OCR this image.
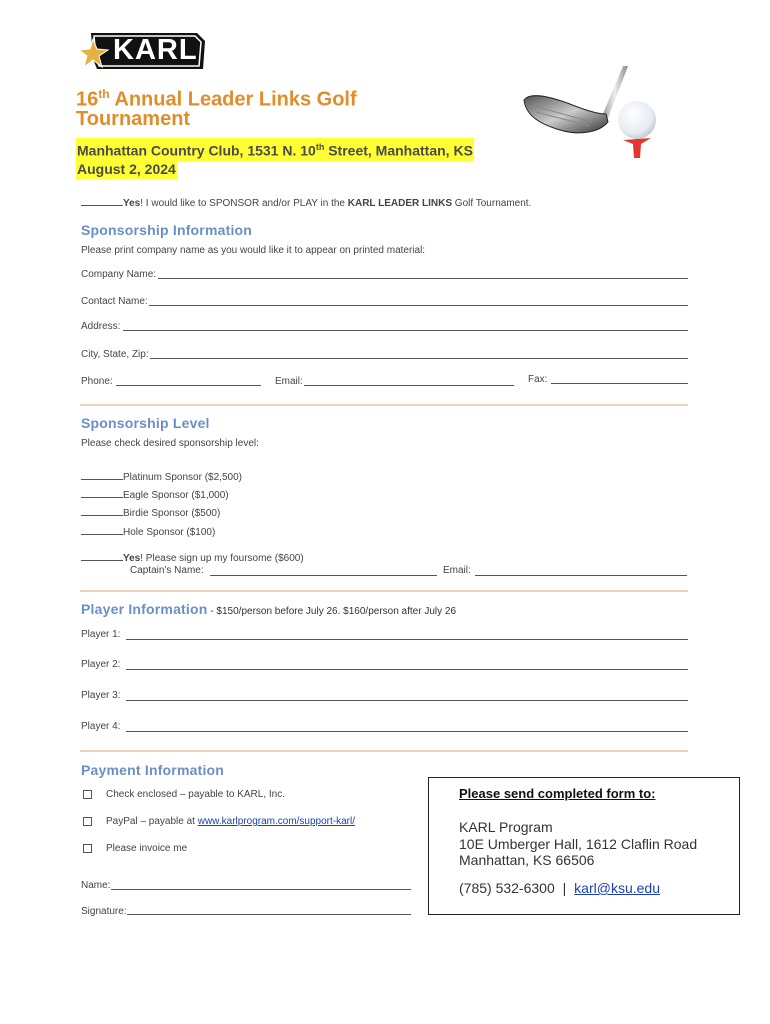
KARL
16th Annual Leader Links Golf
Tournament
Manhattan Country Club, 1531 N. 10th Street, Manhattan, KS
August 2, 2024
Yes! I would like to SPONSOR and/or PLAY in the KARL LEADER LINKS Golf Tournament.
Sponsorship Information
Please print company name as you would like it to appear on printed material:
Company Name:
Contact Name:
Address:
City, State, Zip:
Phone:	Email:	Fax:
Sponsorship Level
Please check desired sponsorship level:
Platinum Sponsor ($2,500)
Eagle Sponsor ($1,000)
Birdie Sponsor ($500)
Hole Sponsor ($100)
Yes! Please sign up my foursome ($600)
Captain's Name:	Email:
Player Information - $150/person before July 26. $160/person after July 26
Player 1:
Player 2:
Player 3:
Player 4:
Payment Information
Check enclosed – payable to KARL, Inc.
PayPal – payable at www.karlprogram.com/support-karl/
Please invoice me
Name:
Signature:
Please send completed form to:
KARL Program
10E Umberger Hall, 1612 Claflin Road
Manhattan, KS 66506
(785) 532-6300 | karl@ksu.edu
